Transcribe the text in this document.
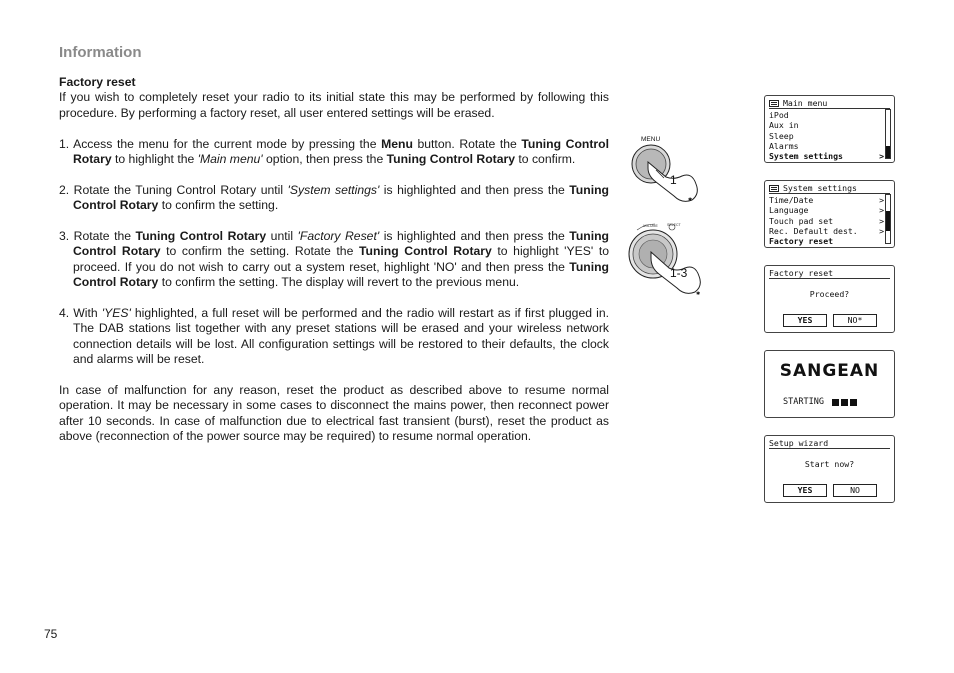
Information

Factory reset

If you wish to completely reset your radio to its initial state this may be performed by following this procedure. By performing a factory reset, all user entered settings will be erased.

1. Access the menu for the current mode by pressing the Menu button. Rotate the Tuning Control Rotary to highlight the 'Main menu' option, then press the Tuning Control Rotary to confirm.

2. Rotate the Tuning Control Rotary until 'System settings' is highlighted and then press the Tuning Control Rotary to confirm the setting.

3. Rotate the Tuning Control Rotary until 'Factory Reset' is highlighted and then press the Tuning Control Rotary to confirm the setting. Rotate the Tuning Control Rotary to highlight 'YES' to proceed. If you do not wish to carry out a system reset, highlight 'NO' and then press the Tuning Control Rotary to confirm the setting. The display will revert to the previous menu.

4. With 'YES' highlighted, a full reset will be performed and the radio will restart as if first plugged in. The DAB stations list together with any preset stations will be erased and your wireless network connection details will be lost. All configuration settings will be restored to their defaults, the clock and alarms will be reset.

In case of malfunction for any reason, reset the product as described above to resume normal operation. It may be necessary in some cases to disconnect the mains power, then reconnect power after 10 seconds. In case of malfunction due to electrical fast transient (burst), reset the product as above (reconnection of the power source may be required) to resume normal operation.

MENU
1
✱
VOLUME	SELECT
1-3
✱
Main menu
iPod
Aux in
Sleep
Alarms
System settings	>
System settings
Time/Date	>
Language	>
Touch pad set	>
Rec. Default dest.	>
Factory reset
Factory reset
Proceed?
YES	NO*
SANGEAN
STARTING
Setup wizard
Start now?
YES	NO
75
